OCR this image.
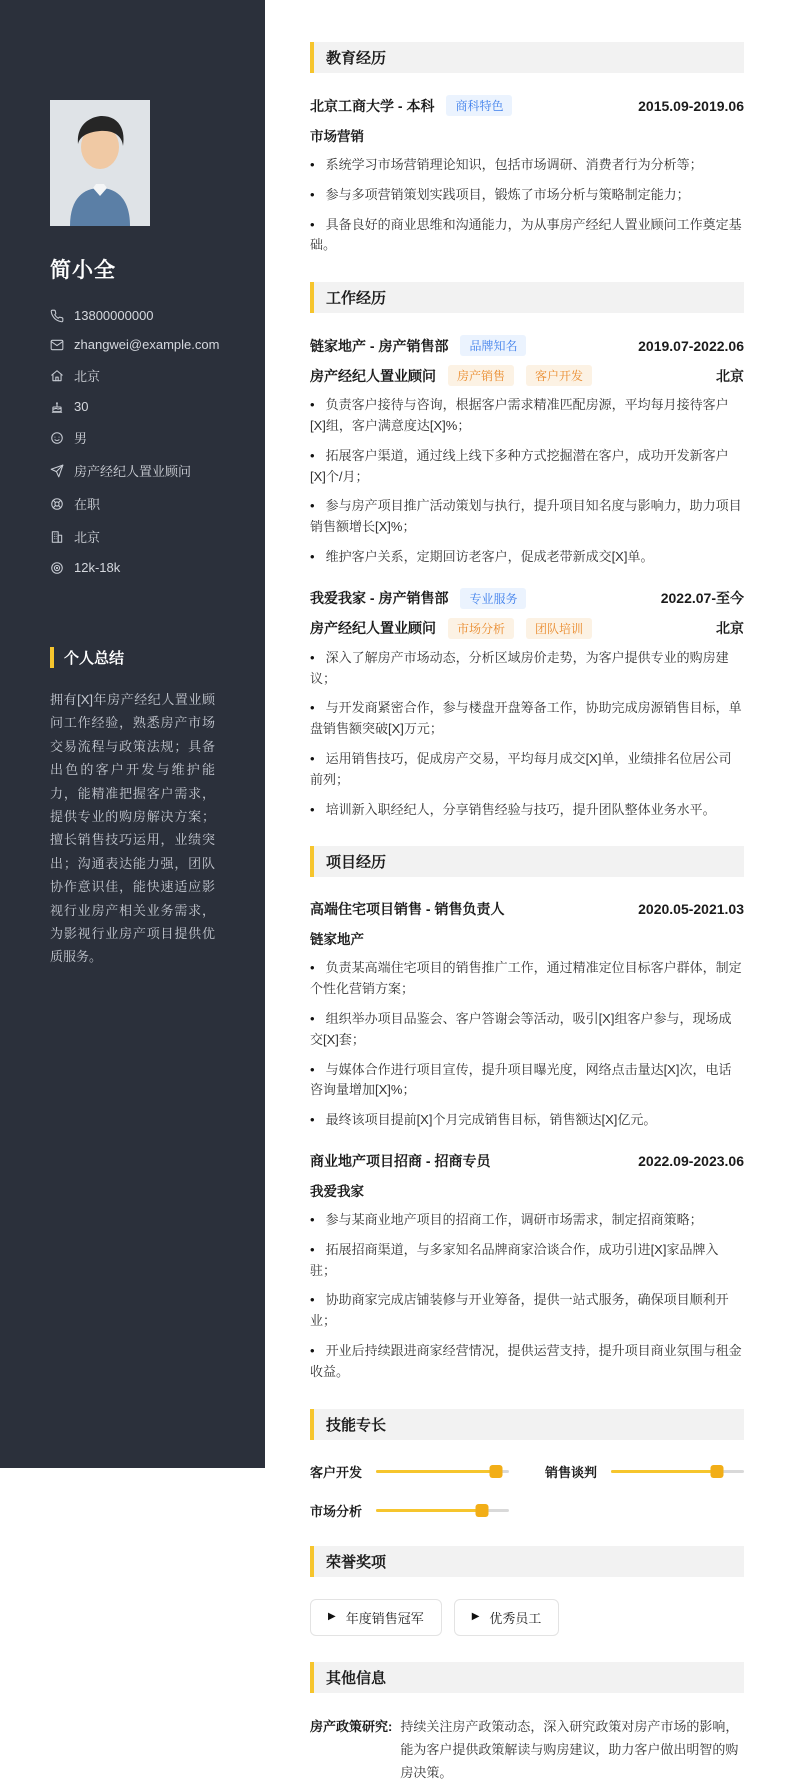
简小全
13800000000
zhangwei@example.com
北京
30
男
房产经纪人置业顾问
在职
北京
12k-18k
个人总结

拥有[X]年房产经纪人置业顾问工作经验，熟悉房产市场交易流程与政策法规；具备出色的客户开发与维护能力，能精准把握客户需求，提供专业的购房解决方案；擅长销售技巧运用，业绩突出；沟通表达能力强，团队协作意识佳，能快速适应影视行业房产相关业务需求，为影视行业房产项目提供优质服务。

教育经历
北京工商大学 - 本科	商科特色	2015.09-2019.06
市场营销
• 系统学习市场营销理论知识，包括市场调研、消费者行为分析等；
• 参与多项营销策划实践项目，锻炼了市场分析与策略制定能力；
• 具备良好的商业思维和沟通能力，为从事房产经纪人置业顾问工作奠定基础。
工作经历
链家地产 - 房产销售部	品牌知名	2019.07-2022.06
房产经纪人置业顾问	房产销售	客户开发	北京
• 负责客户接待与咨询，根据客户需求精准匹配房源，平均每月接待客户[X]组，客户满意度达[X]%；
• 拓展客户渠道，通过线上线下多种方式挖掘潜在客户，成功开发新客户[X]个/月；
• 参与房产项目推广活动策划与执行，提升项目知名度与影响力，助力项目销售额增长[X]%；
• 维护客户关系，定期回访老客户，促成老带新成交[X]单。
我爱我家 - 房产销售部	专业服务	2022.07-至今
房产经纪人置业顾问	市场分析	团队培训	北京
• 深入了解房产市场动态，分析区域房价走势，为客户提供专业的购房建议；
• 与开发商紧密合作，参与楼盘开盘筹备工作，协助完成房源销售目标，单盘销售额突破[X]万元；
• 运用销售技巧，促成房产交易，平均每月成交[X]单，业绩排名位居公司前列；
• 培训新入职经纪人，分享销售经验与技巧，提升团队整体业务水平。
项目经历
高端住宅项目销售 - 销售负责人	2020.05-2021.03
链家地产
• 负责某高端住宅项目的销售推广工作，通过精准定位目标客户群体，制定个性化营销方案；
• 组织举办项目品鉴会、客户答谢会等活动，吸引[X]组客户参与，现场成交[X]套；
• 与媒体合作进行项目宣传，提升项目曝光度，网络点击量达[X]次，电话咨询量增加[X]%；
• 最终该项目提前[X]个月完成销售目标，销售额达[X]亿元。
商业地产项目招商 - 招商专员	2022.09-2023.06
我爱我家
• 参与某商业地产项目的招商工作，调研市场需求，制定招商策略；
• 拓展招商渠道，与多家知名品牌商家洽谈合作，成功引进[X]家品牌入驻；
• 协助商家完成店铺装修与开业筹备，提供一站式服务，确保项目顺利开业；
• 开业后持续跟进商家经营情况，提供运营支持，提升项目商业氛围与租金收益。
技能专长
客户开发	销售谈判
市场分析
荣誉奖项
▶ 年度销售冠军	▶ 优秀员工
其他信息
房产政策研究: 持续关注房产政策动态，深入研究政策对房产市场的影响，能为客户提供政策解读与购房建议，助力客户做出明智的购房决策。
